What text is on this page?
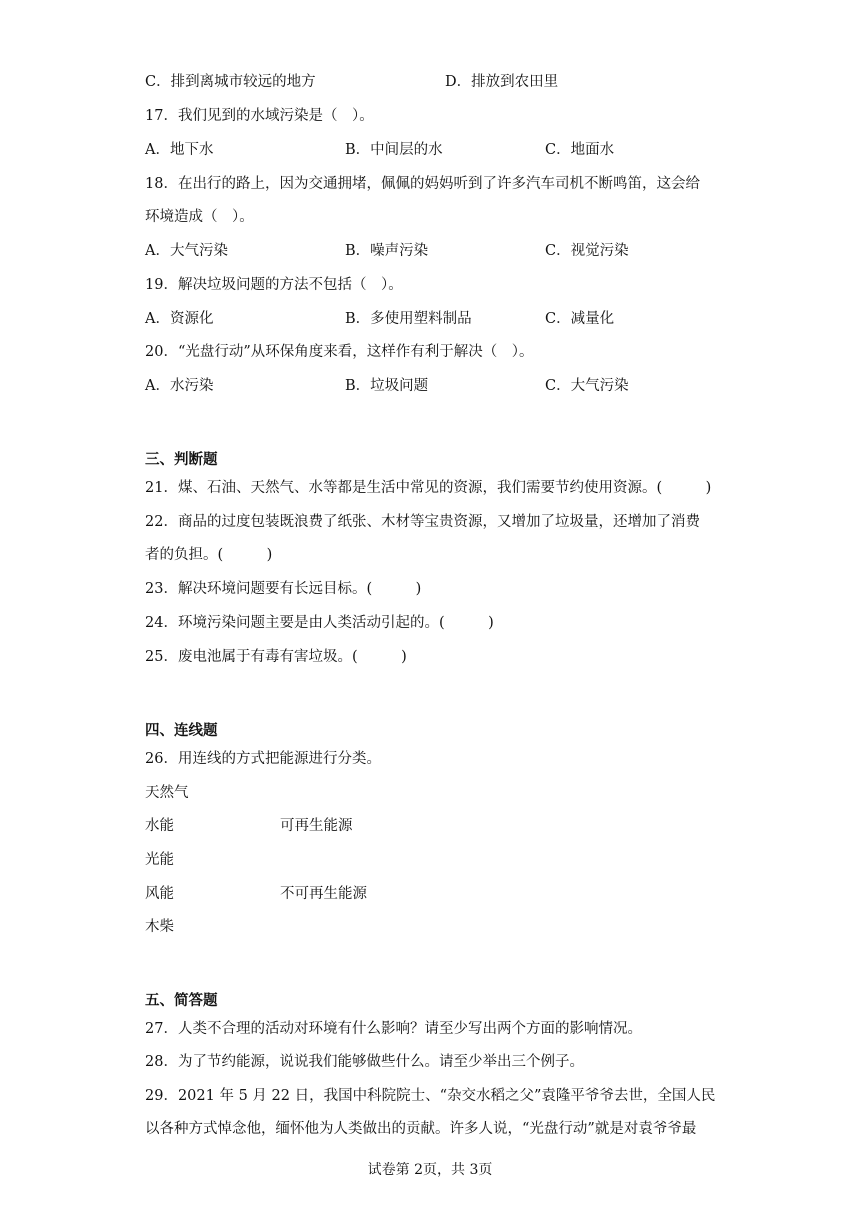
C．排到离城市较远的地方	D．排放到农田里
17．我们见到的水域污染是（　）。
A．地下水	B．中间层的水	C．地面水
18．在出行的路上，因为交通拥堵，佩佩的妈妈听到了许多汽车司机不断鸣笛，这会给
环境造成（　）。
A．大气污染	B．噪声污染	C．视觉污染
19．解决垃圾问题的方法不包括（　）。
A．资源化	B．多使用塑料制品	C．减量化
20．“光盘行动”从环保角度来看，这样作有利于解决（　）。
A．水污染	B．垃圾问题	C．大气污染
三、判断题
21．煤、石油、天然气、水等都是生活中常见的资源，我们需要节约使用资源。(　　　)
22．商品的过度包装既浪费了纸张、木材等宝贵资源，又增加了垃圾量，还增加了消费
者的负担。(　　　)
23．解决环境问题要有长远目标。(　　　)
24．环境污染问题主要是由人类活动引起的。(　　　)
25．废电池属于有毒有害垃圾。(　　　)
四、连线题
26．用连线的方式把能源进行分类。
天然气
水能	可再生能源
光能
风能	不可再生能源
木柴
五、简答题
27．人类不合理的活动对环境有什么影响？请至少写出两个方面的影响情况。
28．为了节约能源，说说我们能够做些什么。请至少举出三个例子。
29．2021 年 5 月 22 日，我国中科院院士、“杂交水稻之父”袁隆平爷爷去世，全国人民
以各种方式悼念他，缅怀他为人类做出的贡献。许多人说，“光盘行动”就是对袁爷爷最
试卷第 2页，共 3页
